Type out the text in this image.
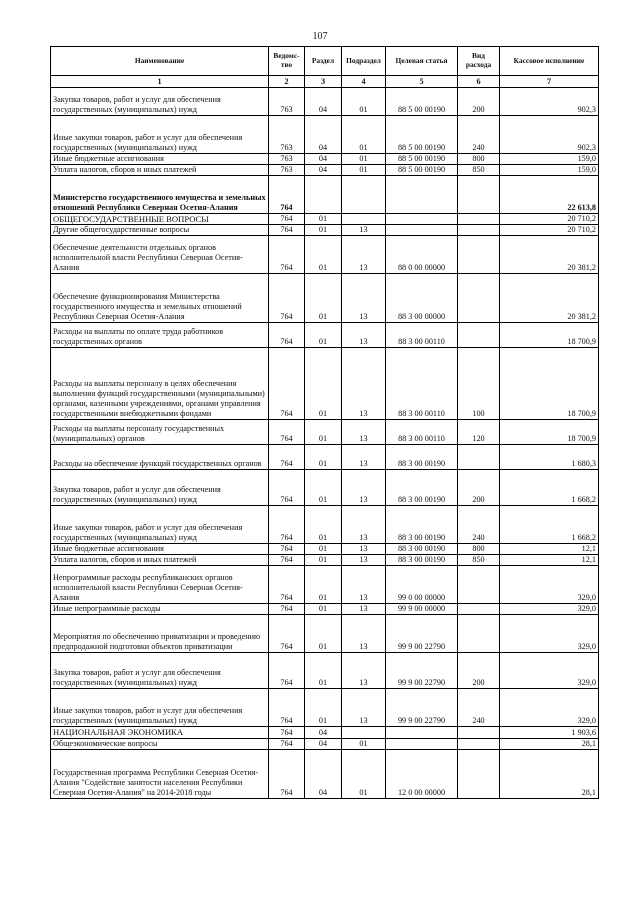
107
Наименование	Ведомс-тво	Раздел	Подраздел	Целевая статья	Вид расхода	Кассовое исполнение
1	2	3	4	5	6	7
Закупка товаров, работ и услуг для обеспечения государственных (муниципальных) нужд	763	04	01	88 5 00 00190	200	902,3
Иные закупки товаров, работ и услуг для обеспечения государственных (муниципальных) нужд	763	04	01	88 5 00 00190	240	902,3
Иные бюджетные ассигнования	763	04	01	88 5 00 00190	800	159,0
Уплата налогов, сборов и иных платежей	763	04	01	88 5 00 00190	850	159,0
Министерство государственного имущества и земельных отношений Республики Северная Осетия-Алания	764					22 613,8
ОБЩЕГОСУДАРСТВЕННЫЕ ВОПРОСЫ	764	01				20 710,2
Другие общегосударственные вопросы	764	01	13			20 710,2
Обеспечение деятельности отдельных органов исполнительной власти Республики Северная Осетия-Алания	764	01	13	88 0 00 00000		20 381,2
Обеспечение функционирования Министерства государственного имущества и земельных отношений Республики Северная Осетия-Алания	764	01	13	88 3 00 00000		20 381,2
Расходы на выплаты по оплате труда работников государственных органов	764	01	13	88 3 00 00110		18 700,9
Расходы на выплаты персоналу в целях обеспечения выполнения функций государственными (муниципальными) органами, казенными учреждениями, органами управления государственными внебюджетными фондами	764	01	13	88 3 00 00110	100	18 700,9
Расходы на выплаты персоналу государственных (муниципальных) органов	764	01	13	88 3 00 00110	120	18 700,9
Расходы на обеспечение функций государственных органов	764	01	13	88 3 00 00190		1 680,3
Закупка товаров, работ и услуг для обеспечения государственных (муниципальных) нужд	764	01	13	88 3 00 00190	200	1 668,2
Иные закупки товаров, работ и услуг для обеспечения государственных (муниципальных) нужд	764	01	13	88 3 00 00190	240	1 668,2
Иные бюджетные ассигнования	764	01	13	88 3 00 00190	800	12,1
Уплата налогов, сборов и иных платежей	764	01	13	88 3 00 00190	850	12,1
Непрограммные расходы республиканских органов исполнительной власти Республики Северная Осетия-Алания	764	01	13	99 0 00 00000		329,0
Иные непрограммные расходы	764	01	13	99 9 00 00000		329,0
Мероприятия по обеспечению приватизации и проведению предпродажной подготовки объектов приватизации	764	01	13	99 9 00 22790		329,0
Закупка товаров, работ и услуг для обеспечения государственных (муниципальных) нужд	764	01	13	99 9 00 22790	200	329,0
Иные закупки товаров, работ и услуг для обеспечения государственных (муниципальных) нужд	764	01	13	99 9 00 22790	240	329,0
НАЦИОНАЛЬНАЯ ЭКОНОМИКА	764	04				1 903,6
Общеэкономические вопросы	764	04	01			28,1
Государственная программа Республики Северная Осетия-Алания "Содействие занятости населения Республики Северная Осетия-Алания" на 2014-2018 годы	764	04	01	12 0 00 00000		28,1
